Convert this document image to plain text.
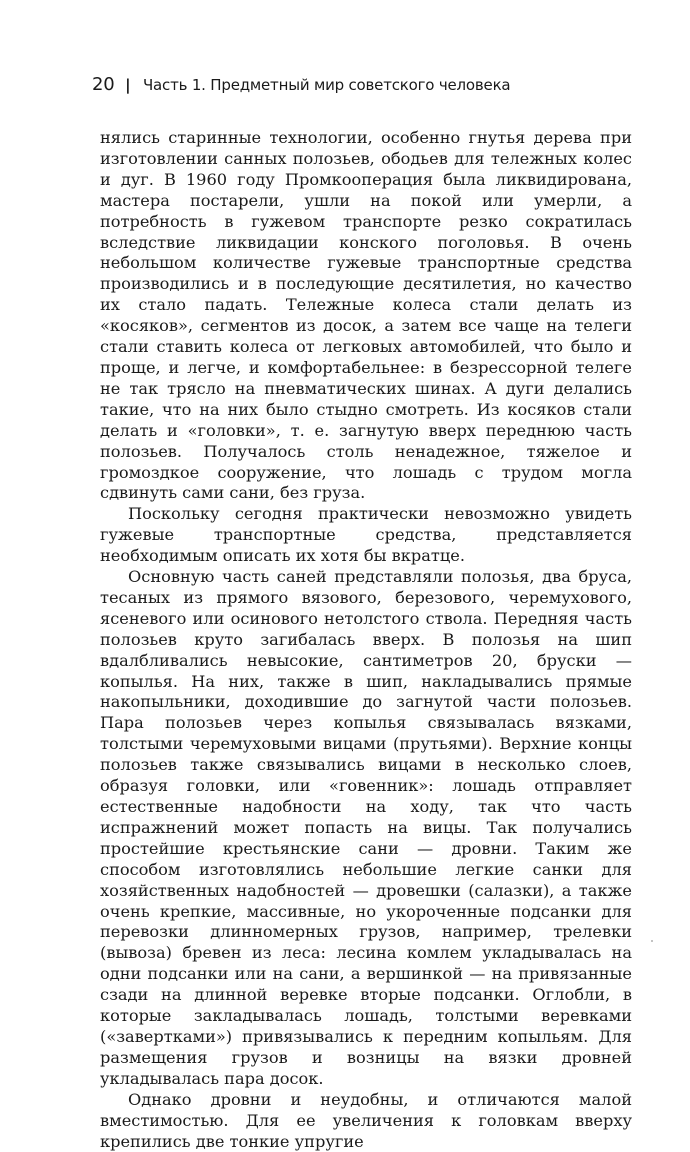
20 | Часть 1. Предметный мир советского человека

нялись старинные технологии, особенно гнутья дерева при изготовлении санных полозьев, ободьев для тележных колес и дуг. В 1960 году Промкооперация была ликвидирована, мастера постарели, ушли на покой или умерли, а потребность в гужевом транспорте резко сократилась вследствие ликвидации конского поголовья. В очень небольшом количестве гужевые транспортные средства производились и в последующие десятилетия, но качество их стало падать. Тележные колеса стали делать из «косяков», сегментов из досок, а затем все чаще на телеги стали ставить колеса от легковых автомобилей, что было и проще, и легче, и комфортабельнее: в безрессорной телеге не так трясло на пневматических шинах. А дуги делались такие, что на них было стыдно смотреть. Из косяков стали делать и «головки», т. е. загнутую вверх переднюю часть полозьев. Получалось столь ненадежное, тяжелое и громоздкое сооружение, что лошадь с трудом могла сдвинуть сами сани, без груза.

Поскольку сегодня практически невозможно увидеть гужевые транспортные средства, представляется необходимым описать их хотя бы вкратце.

Основную часть саней представляли полозья, два бруса, тесаных из прямого вязового, березового, черемухового, ясеневого или осинового нетолстого ствола. Передняя часть полозьев круто загибалась вверх. В полозья на шип вдалбливались невысокие, сантиметров 20, бруски — копылья. На них, также в шип, накладывались прямые накопыльники, доходившие до загнутой части полозьев. Пара полозьев через копылья связывалась вязками, толстыми черемуховыми вицами (прутьями). Верхние концы полозьев также связывались вицами в несколько слоев, образуя головки, или «говенник»: лошадь отправляет естественные надобности на ходу, так что часть испражнений может попасть на вицы. Так получались простейшие крестьянские сани — дровни. Таким же способом изготовлялись небольшие легкие санки для хозяйственных надобностей — дровешки (салазки), а также очень крепкие, массивные, но укороченные подсанки для перевозки длинномерных грузов, например, трелевки (вывоза) бревен из леса: лесина комлем укладывалась на одни подсанки или на сани, а вершинкой — на привязанные сзади на длинной веревке вторые подсанки. Оглобли, в которые закладывалась лошадь, толстыми веревками («завертками») привязывались к передним копыльям. Для размещения грузов и возницы на вязки дровней укладывалась пара досок.

Однако дровни и неудобны, и отличаются малой вместимостью. Для ее увеличения к головкам вверху крепились две тонкие упругие
